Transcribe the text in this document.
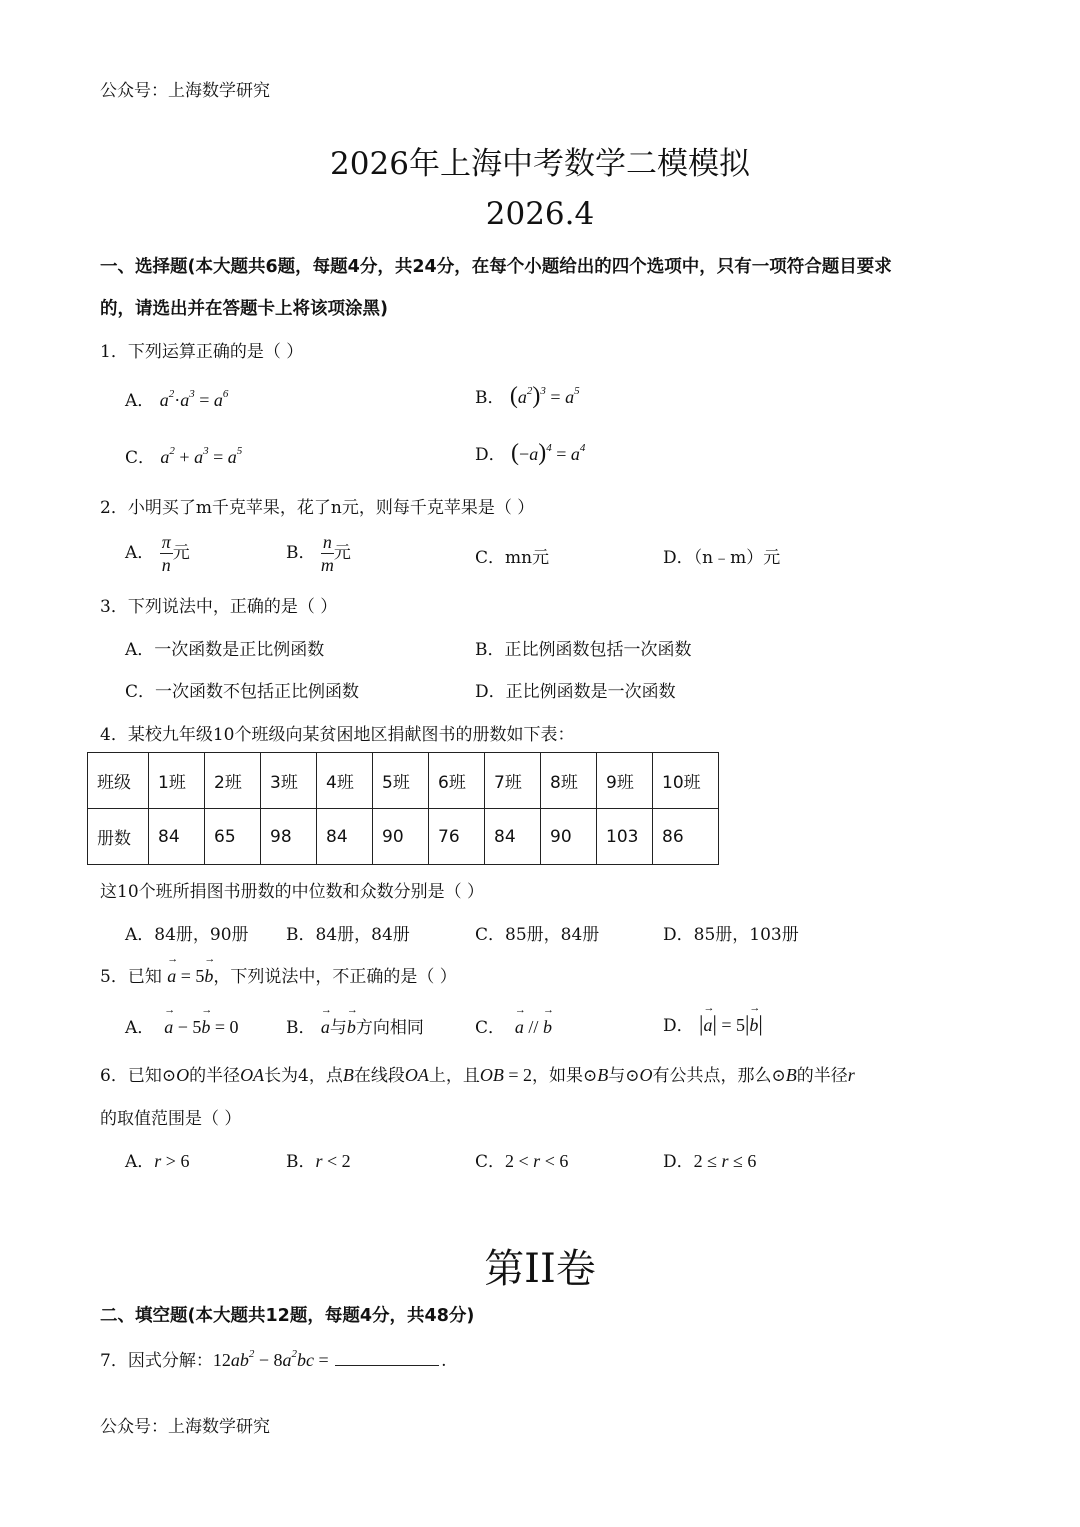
公众号：上海数学研究
2026年上海中考数学二模模拟
2026.4
一、选择题(本大题共6题，每题4分，共24分，在每个小题给出的四个选项中，只有一项符合题目要求
的，请选出并在答题卡上将该项涂黑)
1．下列运算正确的是（ ）
A． $a^2\cdot a^3 = a^6$	B． $(a^2)^3 = a^5$
C． $a^2 + a^3 = a^5$	D． $(-a)^4 = a^4$
2．小明买了m千克苹果，花了n元，则每千克苹果是（ ）
A． $\frac{\pi}{n}$ 元	B． $\frac{n}{m}$ 元	C．mn元	D．（n﹣m）元
3．下列说法中，正确的是（ ）
A．一次函数是正比例函数	B．正比例函数包括一次函数
C．一次函数不包括正比例函数	D．正比例函数是一次函数
4．某校九年级10个班级向某贫困地区捐献图书的册数如下表：
班级	1班	2班	3班	4班	5班	6班	7班	8班	9班	10班
册数	84	65	98	84	90	76	84	90	103	86
这10个班所捐图书册数的中位数和众数分别是（ ）
A．84册，90册 B．84册，84册	C．85册，84册	D．85册，103册
5．已知 → a = 5→ b，下列说法中，不正确的是（ ）
A． → a − 5→ b = 0	B． → a与→ b方向相同	C． → a // → b	D． |→ a| = 5|→ b|
6．已知⊙O的半径OA长为4，点B在线段OA上，且OB = 2，如果⊙B与⊙O有公共点，那么⊙B的半径r
的取值范围是（ ）
A．r > 6	B．r < 2	C．2 < r < 6	D．2 ≤ r ≤ 6
第II卷
二、填空题(本大题共12题，每题4分，共48分)
7．因式分解：$12ab^2 - 8a^2bc$ =	.
公众号：上海数学研究
